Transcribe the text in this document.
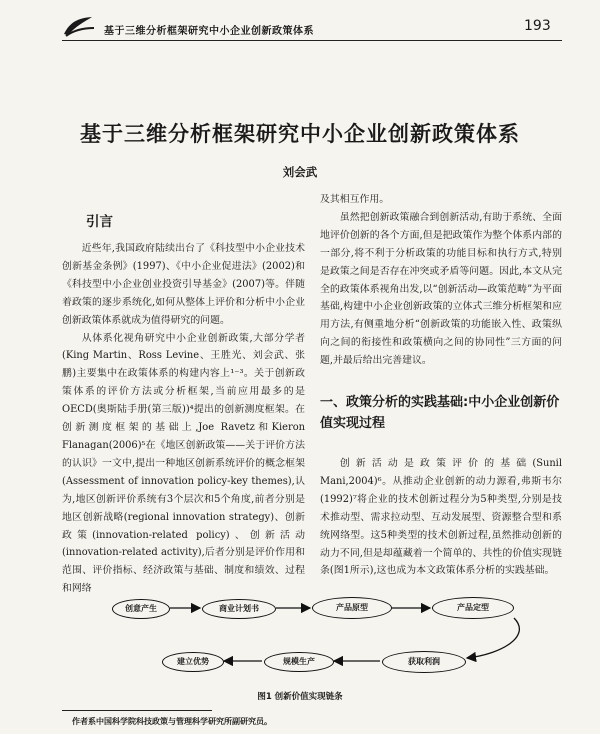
基于三维分析框架研究中小企业创新政策体系	193
基于三维分析框架研究中小企业创新政策体系
刘会武
引言

近些年,我国政府陆续出台了《科技型中小企业技术创新基金条例》(1997)、《中小企业促进法》(2002)和《科技型中小企业创业投资引导基金》(2007)等。伴随着政策的逐步系统化,如何从整体上评价和分析中小企业创新政策体系就成为值得研究的问题。

从体系化视角研究中小企业创新政策,大部分学者(King Martin、Ross Levine、王胜光、刘会武、张鹏)主要集中在政策体系的构建内容上¹⁻³。关于创新政策体系的评价方法或分析框架,当前应用最多的是OECD(奥斯陆手册(第三版))⁴提出的创新测度框架。在创新测度框架的基础上,Joe Ravetz和Kieron Flanagan(2006)⁵在《地区创新政策——关于评价方法的认识》一文中,提出一种地区创新系统评价的概念框架(Assessment of innovation policy-key themes),认为,地区创新评价系统有3个层次和5个角度,前者分别是地区创新战略(regional innovation strategy)、创新政策(innovation-related policy)、创新活动(innovation-related activity),后者分别是评价作用和范围、评价指标、经济政策与基础、制度和绩效、过程和网络

及其相互作用。

虽然把创新政策融合到创新活动,有助于系统、全面地评价创新的各个方面,但是把政策作为整个体系内部的一部分,将不利于分析政策的功能目标和执行方式,特别是政策之间是否存在冲突或矛盾等问题。因此,本文从完全的政策体系视角出发,以“创新活动—政策范畴”为平面基础,构建中小企业创新政策的立体式三维分析框架和应用方法,有侧重地分析“创新政策的功能嵌入性、政策纵向之间的衔接性和政策横向之间的协同性”三方面的问题,并最后给出完善建议。

一、政策分析的实践基础:中小企业创新价值实现过程

创新活动是政策评价的基础(Sunil Mani,2004)⁶。从推动企业创新的动力源看,弗斯韦尔(1992)⁷将企业的技术创新过程分为5种类型,分别是技术推动型、需求拉动型、互动发展型、资源整合型和系统网络型。这5种类型的技术创新过程,虽然推动创新的动力不同,但是却蕴藏着一个简单的、共性的价值实现链条(图1所示),这也成为本文政策体系分析的实践基础。

创意产生	商业计划书	产品原型	产品定型
获取利润
规模生产
建立优势
图1 创新价值实现链条
作者系中国科学院科技政策与管理科学研究所副研究员。
